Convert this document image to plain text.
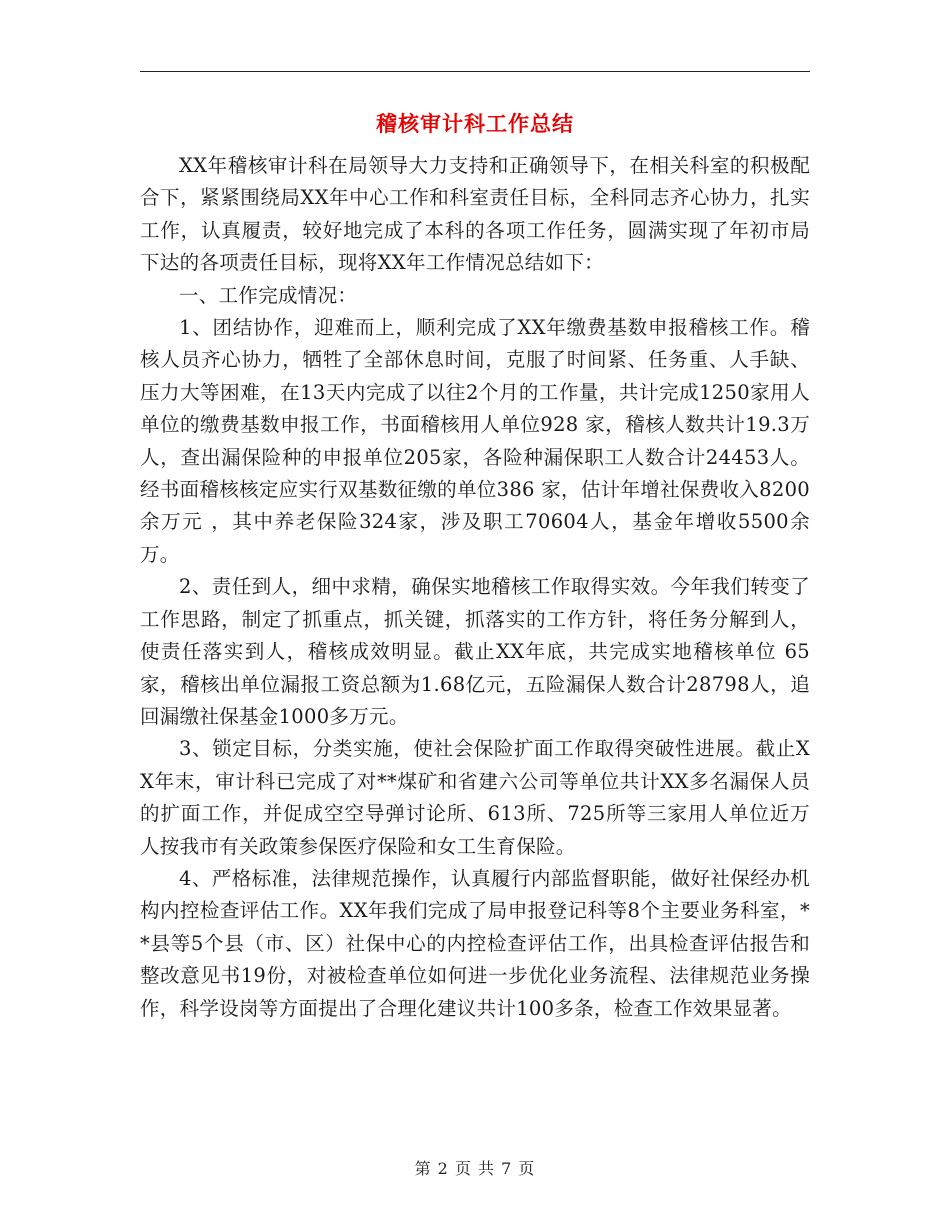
稽核审计科工作总结

XX年稽核审计科在局领导大力支持和正确领导下，在相关科室的积极配合下，紧紧围绕局XX年中心工作和科室责任目标，全科同志齐心协力，扎实工作，认真履责，较好地完成了本科的各项工作任务，圆满实现了年初市局下达的各项责任目标，现将XX年工作情况总结如下：

一、工作完成情况：

1、团结协作，迎难而上，顺利完成了XX年缴费基数申报稽核工作。稽核人员齐心协力，牺牲了全部休息时间，克服了时间紧、任务重、人手缺、压力大等困难，在13天内完成了以往2个月的工作量，共计完成1250家用人单位的缴费基数申报工作，书面稽核用人单位928 家，稽核人数共计19.3万人，查出漏保险种的申报单位205家，各险种漏保职工人数合计24453人。经书面稽核核定应实行双基数征缴的单位386 家，估计年增社保费收入8200余万元 ，其中养老保险324家，涉及职工70604人，基金年增收5500余万。

2、责任到人，细中求精，确保实地稽核工作取得实效。今年我们转变了工作思路，制定了抓重点，抓关键，抓落实的工作方针，将任务分解到人，使责任落实到人，稽核成效明显。截止XX年底，共完成实地稽核单位 65 家，稽核出单位漏报工资总额为1.68亿元，五险漏保人数合计28798人，追回漏缴社保基金1000多万元。

3、锁定目标，分类实施，使社会保险扩面工作取得突破性进展。截止XX年末，审计科已完成了对**煤矿和省建六公司等单位共计XX多名漏保人员的扩面工作，并促成空空导弹讨论所、613所、725所等三家用人单位近万人按我市有关政策参保医疗保险和女工生育保险。

4、严格标准，法律规范操作，认真履行内部监督职能，做好社保经办机构内控检查评估工作。XX年我们完成了局申报登记科等8个主要业务科室，**县等5个县（市、区）社保中心的内控检查评估工作，出具检查评估报告和整改意见书19份，对被检查单位如何进一步优化业务流程、法律规范业务操作，科学设岗等方面提出了合理化建议共计100多条，检查工作效果显著。

第 2 页 共 7 页
